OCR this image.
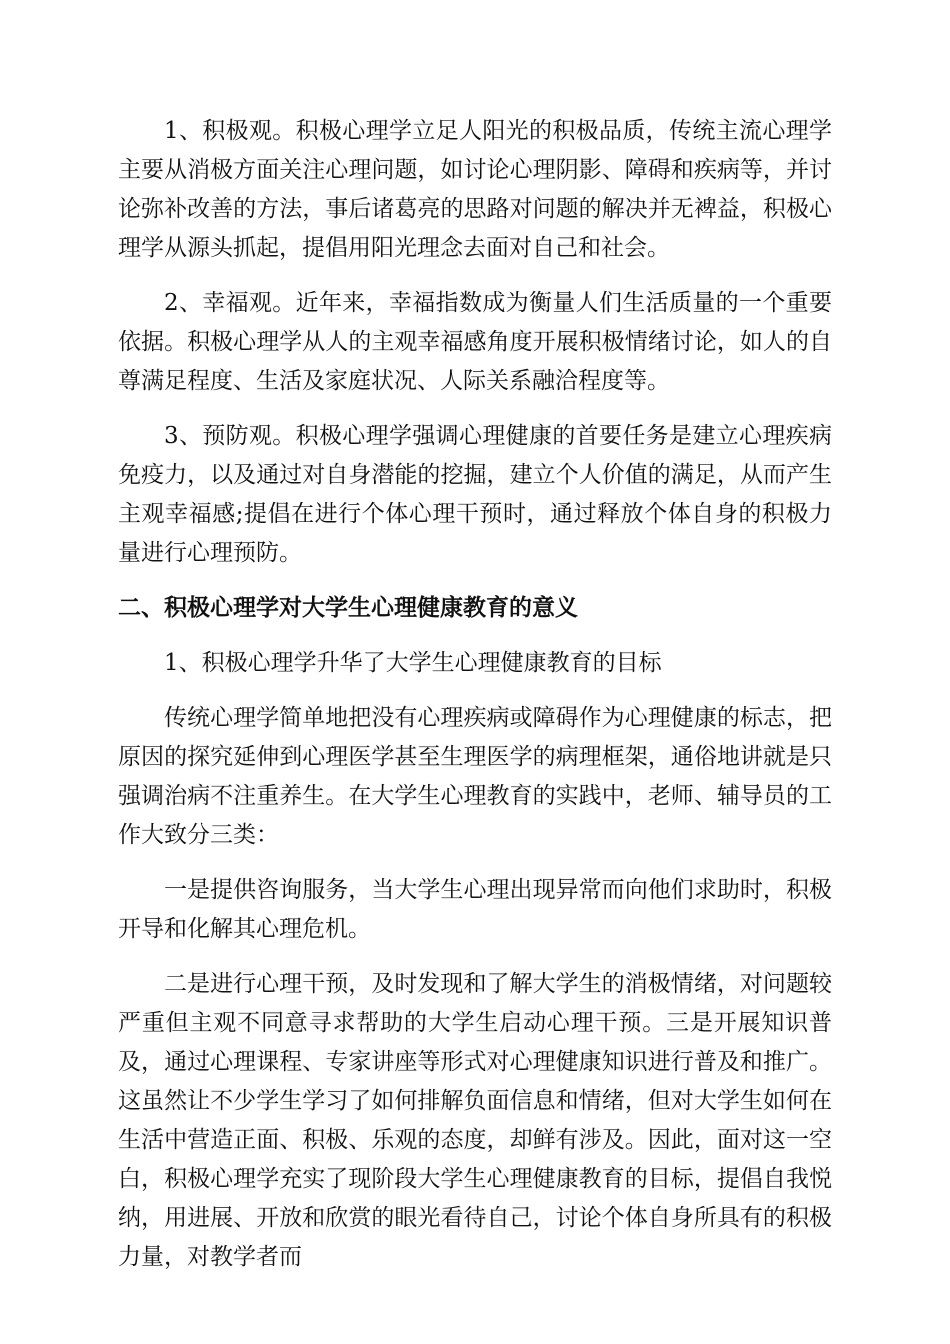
1、积极观。积极心理学立足人阳光的积极品质，传统主流心理学主要从消极方面关注心理问题，如讨论心理阴影、障碍和疾病等，并讨论弥补改善的方法，事后诸葛亮的思路对问题的解决并无裨益，积极心理学从源头抓起，提倡用阳光理念去面对自己和社会。

2、幸福观。近年来，幸福指数成为衡量人们生活质量的一个重要依据。积极心理学从人的主观幸福感角度开展积极情绪讨论，如人的自尊满足程度、生活及家庭状况、人际关系融洽程度等。

3、预防观。积极心理学强调心理健康的首要任务是建立心理疾病免疫力，以及通过对自身潜能的挖掘，建立个人价值的满足，从而产生主观幸福感;提倡在进行个体心理干预时，通过释放个体自身的积极力量进行心理预防。

二、积极心理学对大学生心理健康教育的意义

1、积极心理学升华了大学生心理健康教育的目标

传统心理学简单地把没有心理疾病或障碍作为心理健康的标志，把原因的探究延伸到心理医学甚至生理医学的病理框架，通俗地讲就是只强调治病不注重养生。在大学生心理教育的实践中，老师、辅导员的工作大致分三类：

一是提供咨询服务，当大学生心理出现异常而向他们求助时，积极开导和化解其心理危机。

二是进行心理干预，及时发现和了解大学生的消极情绪，对问题较严重但主观不同意寻求帮助的大学生启动心理干预。三是开展知识普及，通过心理课程、专家讲座等形式对心理健康知识进行普及和推广。这虽然让不少学生学习了如何排解负面信息和情绪，但对大学生如何在生活中营造正面、积极、乐观的态度，却鲜有涉及。因此，面对这一空白，积极心理学充实了现阶段大学生心理健康教育的目标，提倡自我悦纳，用进展、开放和欣赏的眼光看待自己，讨论个体自身所具有的积极力量，对教学者而
